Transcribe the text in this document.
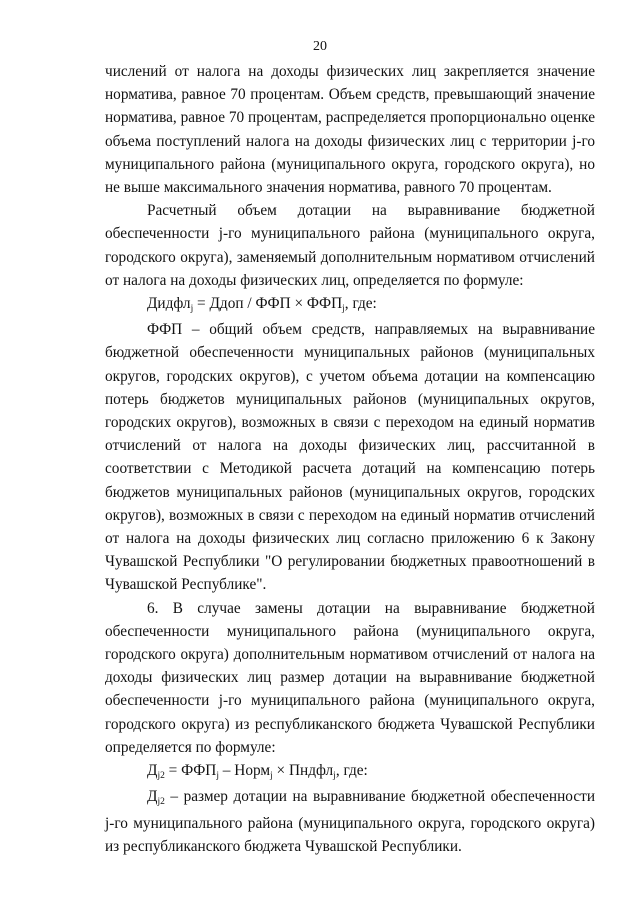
20

числений от налога на доходы физических лиц закрепляется значение норматива, равное 70 процентам. Объем средств, превышающий значение норматива, равное 70 процентам, распределяется пропорционально оценке объема поступлений налога на доходы физических лиц с территории j-го муниципального района (муниципального округа, городского округа), но не выше максимального значения норматива, равного 70 процентам.

Расчетный объем дотации на выравнивание бюджетной обеспеченности j-го муниципального района (муниципального округа, городского округа), заменяемый дополнительным нормативом отчислений от налога на доходы физических лиц, определяется по формуле:

Дидфл$_j$ = Ддоп / ФФП × $ФФП_j$, где:

ФФП – общий объем средств, направляемых на выравнивание бюджетной обеспеченности муниципальных районов (муниципальных округов, городских округов), с учетом объема дотации на компенсацию потерь бюджетов муниципальных районов (муниципальных округов, городских округов), возможных в связи с переходом на единый норматив отчислений от налога на доходы физических лиц, рассчитанной в соответствии с Методикой расчета дотаций на компенсацию потерь бюджетов муниципальных районов (муниципальных округов, городских округов), возможных в связи с переходом на единый норматив отчислений от налога на доходы физических лиц согласно приложению 6 к Закону Чувашской Республики "О регулировании бюджетных правоотношений в Чувашской Республике".

6. В случае замены дотации на выравнивание бюджетной обеспеченности муниципального района (муниципального округа, городского округа) дополнительным нормативом отчислений от налога на доходы физических лиц размер дотации на выравнивание бюджетной обеспеченности j-го муниципального района (муниципального округа, городского округа) из республиканского бюджета Чувашской Республики определяется по формуле:

$Д_{j2} = ФФП_j$ – Норм$_j$ × Пндфл$_j$, где:

$Д_{j2}$ – размер дотации на выравнивание бюджетной обеспеченности j-го муниципального района (муниципального округа, городского округа) из республиканского бюджета Чувашской Республики.
